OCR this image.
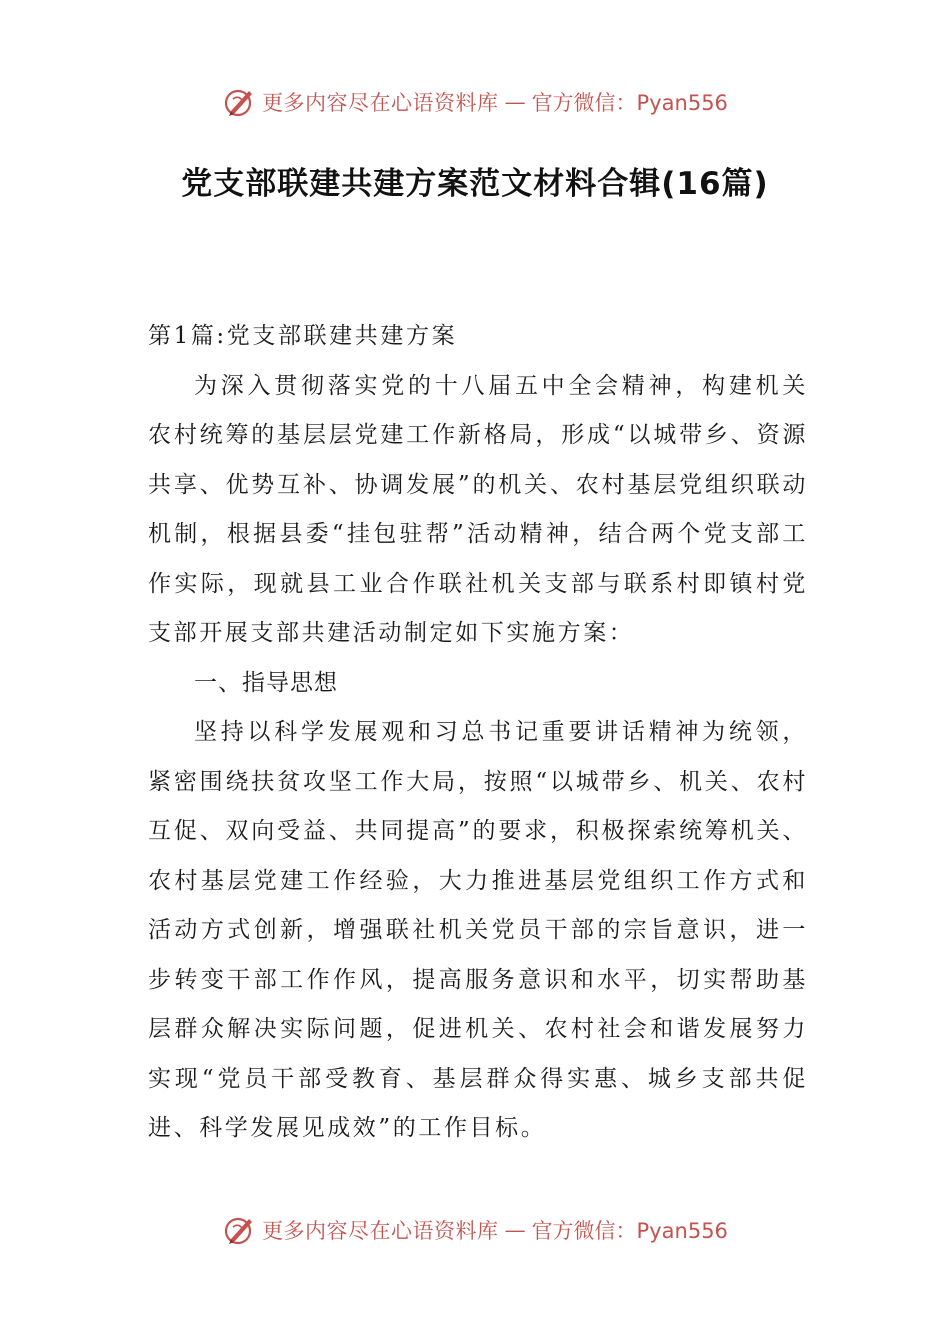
更多内容尽在心语资料库 — 官方微信：Pyan556
党支部联建共建方案范文材料合辑(16篇)

第1篇:党支部联建共建方案

为深入贯彻落实党的十八届五中全会精神，构建机关农村统筹的基层层党建工作新格局，形成“以城带乡、资源共享、优势互补、协调发展”的机关、农村基层党组织联动机制，根据县委“挂包驻帮”活动精神，结合两个党支部工作实际，现就县工业合作联社机关支部与联系村即镇村党支部开展支部共建活动制定如下实施方案：

一、指导思想

坚持以科学发展观和习总书记重要讲话精神为统领，紧密围绕扶贫攻坚工作大局，按照“以城带乡、机关、农村互促、双向受益、共同提高”的要求，积极探索统筹机关、农村基层党建工作经验，大力推进基层党组织工作方式和活动方式创新，增强联社机关党员干部的宗旨意识，进一步转变干部工作作风，提高服务意识和水平，切实帮助基层群众解决实际问题，促进机关、农村社会和谐发展努力实现“党员干部受教育、基层群众得实惠、城乡支部共促进、科学发展见成效”的工作目标。

更多内容尽在心语资料库 — 官方微信：Pyan556
